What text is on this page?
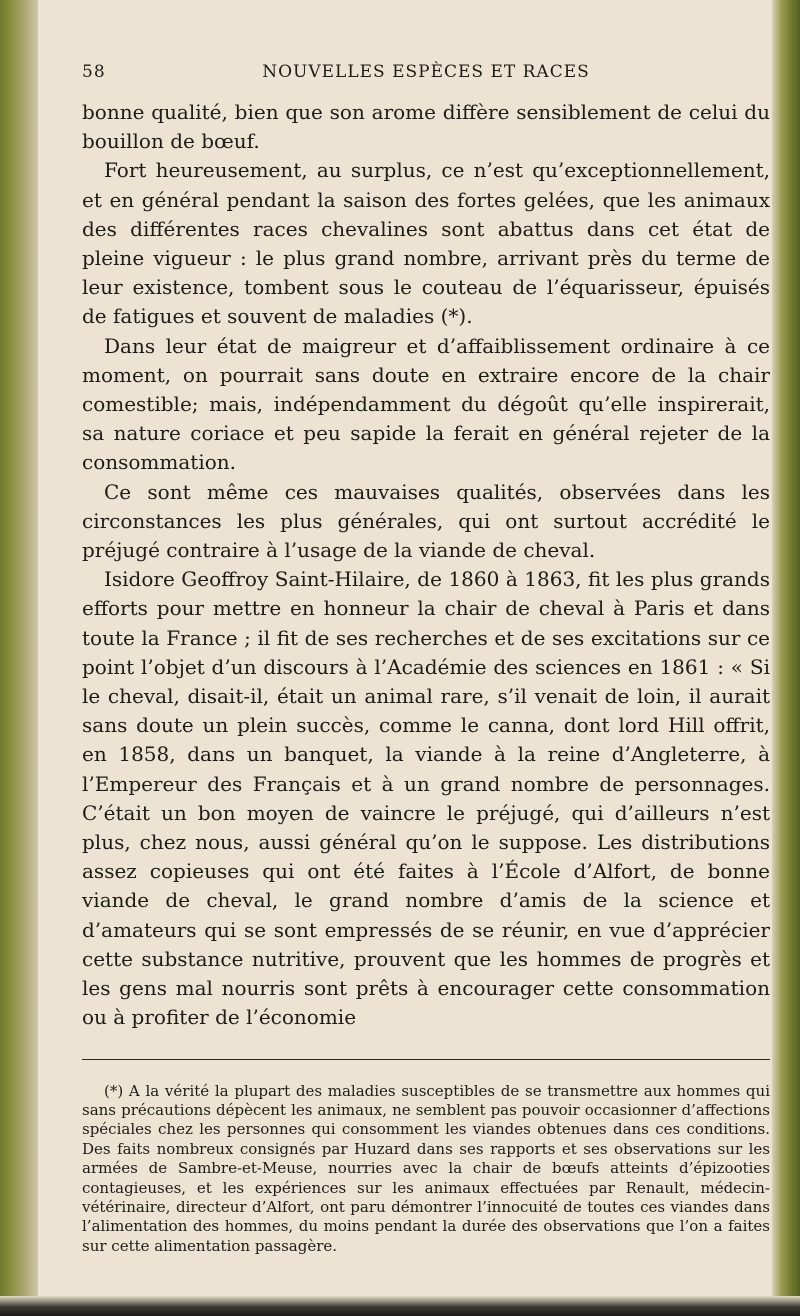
58	NOUVELLES ESPÈCES ET RACES

bonne qualité, bien que son arome diffère sensiblement de celui du bouillon de bœuf.

Fort heureusement, au surplus, ce n’est qu’exceptionnellement, et en général pendant la saison des fortes gelées, que les animaux des différentes races chevalines sont abattus dans cet état de pleine vigueur : le plus grand nombre, arrivant près du terme de leur existence, tombent sous le couteau de l’équarisseur, épuisés de fatigues et souvent de maladies (*).

Dans leur état de maigreur et d’affaiblissement ordinaire à ce moment, on pourrait sans doute en extraire encore de la chair comestible; mais, indépendamment du dégoût qu’elle inspirerait, sa nature coriace et peu sapide la ferait en général rejeter de la consommation.

Ce sont même ces mauvaises qualités, observées dans les circonstances les plus générales, qui ont surtout accrédité le préjugé contraire à l’usage de la viande de cheval.

Isidore Geoffroy Saint-Hilaire, de 1860 à 1863, fit les plus grands efforts pour mettre en honneur la chair de cheval à Paris et dans toute la France ; il fit de ses recherches et de ses excitations sur ce point l’objet d’un discours à l’Académie des sciences en 1861 : « Si le cheval, disait-il, était un animal rare, s’il venait de loin, il aurait sans doute un plein succès, comme le canna, dont lord Hill offrit, en 1858, dans un banquet, la viande à la reine d’Angleterre, à l’Empereur des Français et à un grand nombre de personnages. C’était un bon moyen de vaincre le préjugé, qui d’ailleurs n’est plus, chez nous, aussi général qu’on le suppose. Les distributions assez copieuses qui ont été faites à l’École d’Alfort, de bonne viande de cheval, le grand nombre d’amis de la science et d’amateurs qui se sont empressés de se réunir, en vue d’apprécier cette substance nutritive, prouvent que les hommes de progrès et les gens mal nourris sont prêts à encourager cette consommation ou à profiter de l’économie

(*) A la vérité la plupart des maladies susceptibles de se transmettre aux hommes qui sans précautions dépècent les animaux, ne semblent pas pouvoir occasionner d’affections spéciales chez les personnes qui consomment les viandes obtenues dans ces conditions. Des faits nombreux consignés par Huzard dans ses rapports et ses observations sur les armées de Sambre-et-Meuse, nourries avec la chair de bœufs atteints d’épizooties contagieuses, et les expériences sur les animaux effectuées par Renault, médecin-vétérinaire, directeur d’Alfort, ont paru démontrer l’innocuité de toutes ces viandes dans l’alimentation des hommes, du moins pendant la durée des observations que l’on a faites sur cette alimentation passagère.
